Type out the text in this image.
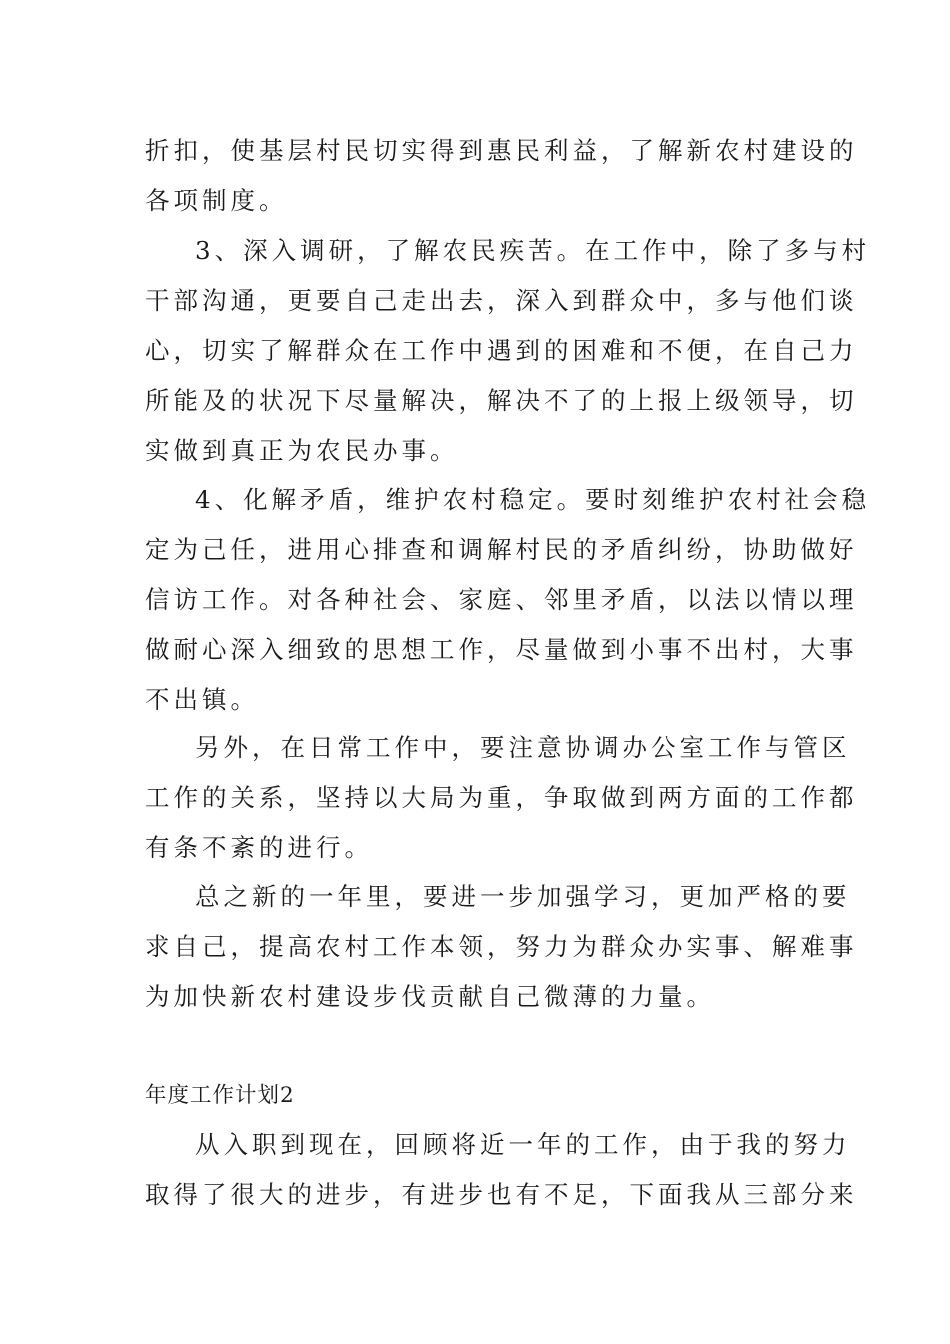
折扣，使基层村民切实得到惠民利益，了解新农村建设的
各项制度。
3、深入调研，了解农民疾苦。在工作中，除了多与村
干部沟通，更要自己走出去，深入到群众中，多与他们谈
心，切实了解群众在工作中遇到的困难和不便，在自己力
所能及的状况下尽量解决，解决不了的上报上级领导，切
实做到真正为农民办事。
4、化解矛盾，维护农村稳定。要时刻维护农村社会稳
定为己任，进用心排查和调解村民的矛盾纠纷，协助做好
信访工作。对各种社会、家庭、邻里矛盾，以法以情以理
做耐心深入细致的思想工作，尽量做到小事不出村，大事
不出镇。
另外，在日常工作中，要注意协调办公室工作与管区
工作的关系，坚持以大局为重，争取做到两方面的工作都
有条不紊的进行。
总之新的一年里，要进一步加强学习，更加严格的要
求自己，提高农村工作本领，努力为群众办实事、解难事
为加快新农村建设步伐贡献自己微薄的力量。
年度工作计划2
从入职到现在，回顾将近一年的工作，由于我的努力
取得了很大的进步，有进步也有不足，下面我从三部分来
